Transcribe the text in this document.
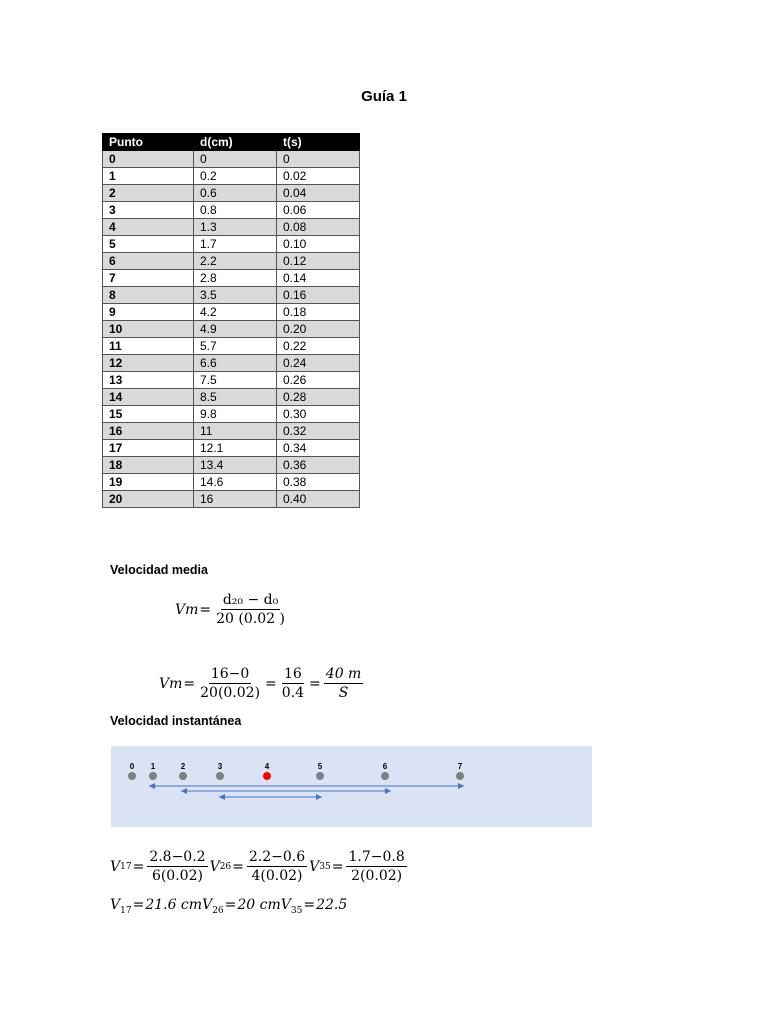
Guía 1
Punto	d(cm)	t(s)
0	0	0
1	0.2	0.02
2	0.6	0.04
3	0.8	0.06
4	1.3	0.08
5	1.7	0.10
6	2.2	0.12
7	2.8	0.14
8	3.5	0.16
9	4.2	0.18
10	4.9	0.20
11	5.7	0.22
12	6.6	0.24
13	7.5	0.26
14	8.5	0.28
15	9.8	0.30
16	11	0.32
17	12.1	0.34
18	13.4	0.36
19	14.6	0.38
20	16	0.40
Velocidad media
$Vm = \frac{\text{d₂₀ − d₀}}{20 (0.02 )}$
$Vm = \frac{16-0}{20(0.02)} = \frac{16}{0.4} = \frac{40 m}{S}$
Velocidad instantánea
0	1	2	3	4	5	6	7
V $17 = \frac{2.8-0.2}{6(0.02)}$ V $26 = \frac{2.2-0.6}{4(0.02)}$ V $35 = \frac{1.7-0.8}{2(0.02)}$
$V_{17}=21.6$ cm $V_{26}=20$ cm $V_{35}=22.5$
